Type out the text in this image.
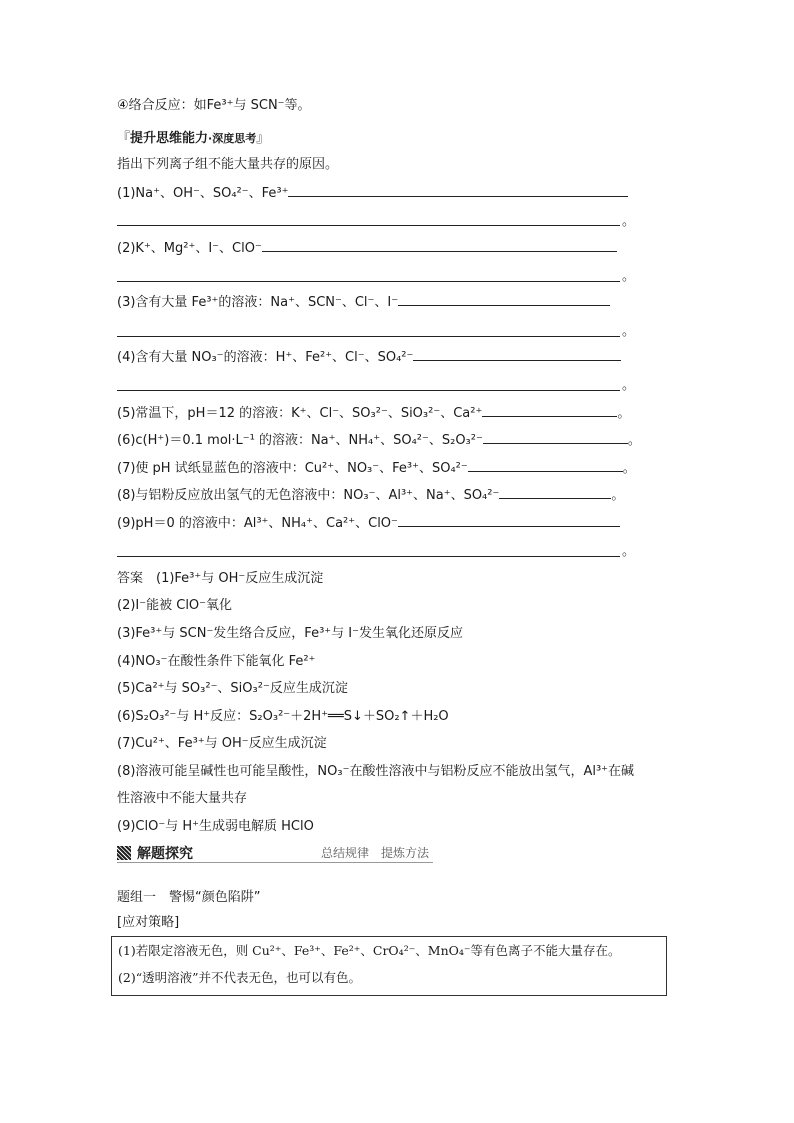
④络合反应：如Fe³⁺与 SCN⁻等。
『提升思维能力·深度思考』
指出下列离子组不能大量共存的原因。
(1)Na⁺、OH⁻、SO₄²⁻、Fe³⁺
。
(2)K⁺、Mg²⁺、I⁻、ClO⁻
。
(3)含有大量 Fe³⁺的溶液：Na⁺、SCN⁻、Cl⁻、I⁻
。
(4)含有大量 NO₃⁻的溶液：H⁺、Fe²⁺、Cl⁻、SO₄²⁻
。
(5)常温下，pH＝12 的溶液：K⁺、Cl⁻、SO₃²⁻、SiO₃²⁻、Ca²⁺	。
(6)c(H⁺)＝0.1 mol·L⁻¹ 的溶液：Na⁺、NH₄⁺、SO₄²⁻、S₂O₃²⁻	。
(7)使 pH 试纸显蓝色的溶液中：Cu²⁺、NO₃⁻、Fe³⁺、SO₄²⁻	。
(8)与铝粉反应放出氢气的无色溶液中：NO₃⁻、Al³⁺、Na⁺、SO₄²⁻	。
(9)pH＝0 的溶液中：Al³⁺、NH₄⁺、Ca²⁺、ClO⁻
。
答案　(1)Fe³⁺与 OH⁻反应生成沉淀
(2)I⁻能被 ClO⁻氧化
(3)Fe³⁺与 SCN⁻发生络合反应，Fe³⁺与 I⁻发生氧化还原反应
(4)NO₃⁻在酸性条件下能氧化 Fe²⁺
(5)Ca²⁺与 SO₃²⁻、SiO₃²⁻反应生成沉淀
(6)S₂O₃²⁻与 H⁺反应：S₂O₃²⁻＋2H⁺══S↓＋SO₂↑＋H₂O
(7)Cu²⁺、Fe³⁺与 OH⁻反应生成沉淀
(8)溶液可能呈碱性也可能呈酸性，NO₃⁻在酸性溶液中与铝粉反应不能放出氢气，Al³⁺在碱
性溶液中不能大量共存
(9)ClO⁻与 H⁺生成弱电解质 HClO
解题探究	总结规律　提炼方法
题组一　警惕“颜色陷阱”
[应对策略]
(1)若限定溶液无色，则 Cu²⁺、Fe³⁺、Fe²⁺、CrO₄²⁻、MnO₄⁻等有色离子不能大量存在。
(2)“透明溶液”并不代表无色，也可以有色。
